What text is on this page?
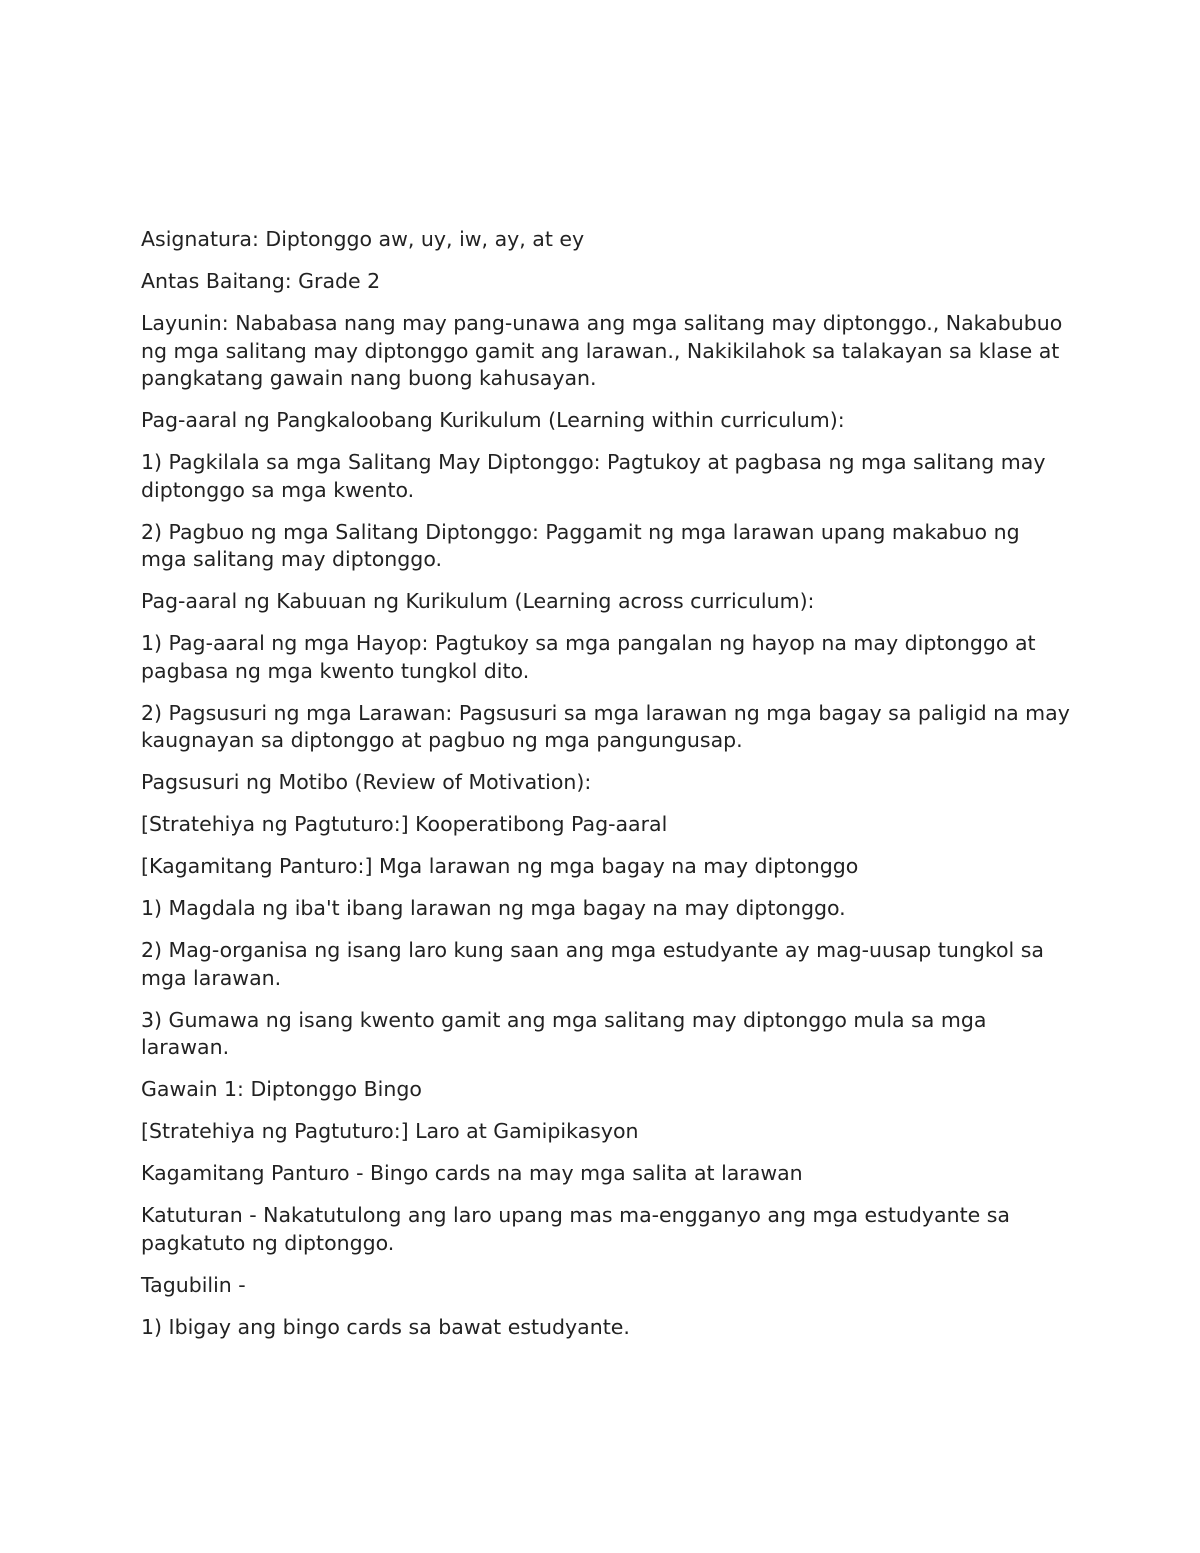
Asignatura: Diptonggo aw, uy, iw, ay, at ey

Antas Baitang: Grade 2

Layunin: Nababasa nang may pang-unawa ang mga salitang may diptonggo., Nakabubuo ng mga salitang may diptonggo gamit ang larawan., Nakikilahok sa talakayan sa klase at pangkatang gawain nang buong kahusayan.

Pag-aaral ng Pangkaloobang Kurikulum (Learning within curriculum):

1) Pagkilala sa mga Salitang May Diptonggo: Pagtukoy at pagbasa ng mga salitang may diptonggo sa mga kwento.

2) Pagbuo ng mga Salitang Diptonggo: Paggamit ng mga larawan upang makabuo ng mga salitang may diptonggo.

Pag-aaral ng Kabuuan ng Kurikulum (Learning across curriculum):

1) Pag-aaral ng mga Hayop: Pagtukoy sa mga pangalan ng hayop na may diptonggo at pagbasa ng mga kwento tungkol dito.

2) Pagsusuri ng mga Larawan: Pagsusuri sa mga larawan ng mga bagay sa paligid na may kaugnayan sa diptonggo at pagbuo ng mga pangungusap.

Pagsusuri ng Motibo (Review of Motivation):

[Stratehiya ng Pagtuturo:] Kooperatibong Pag-aaral

[Kagamitang Panturo:] Mga larawan ng mga bagay na may diptonggo

1) Magdala ng iba't ibang larawan ng mga bagay na may diptonggo.

2) Mag-organisa ng isang laro kung saan ang mga estudyante ay mag-uusap tungkol sa mga larawan.

3) Gumawa ng isang kwento gamit ang mga salitang may diptonggo mula sa mga larawan.

Gawain 1: Diptonggo Bingo

[Stratehiya ng Pagtuturo:] Laro at Gamipikasyon

Kagamitang Panturo - Bingo cards na may mga salita at larawan

Katuturan - Nakatutulong ang laro upang mas ma-engganyo ang mga estudyante sa pagkatuto ng diptonggo.

Tagubilin -

1) Ibigay ang bingo cards sa bawat estudyante.
